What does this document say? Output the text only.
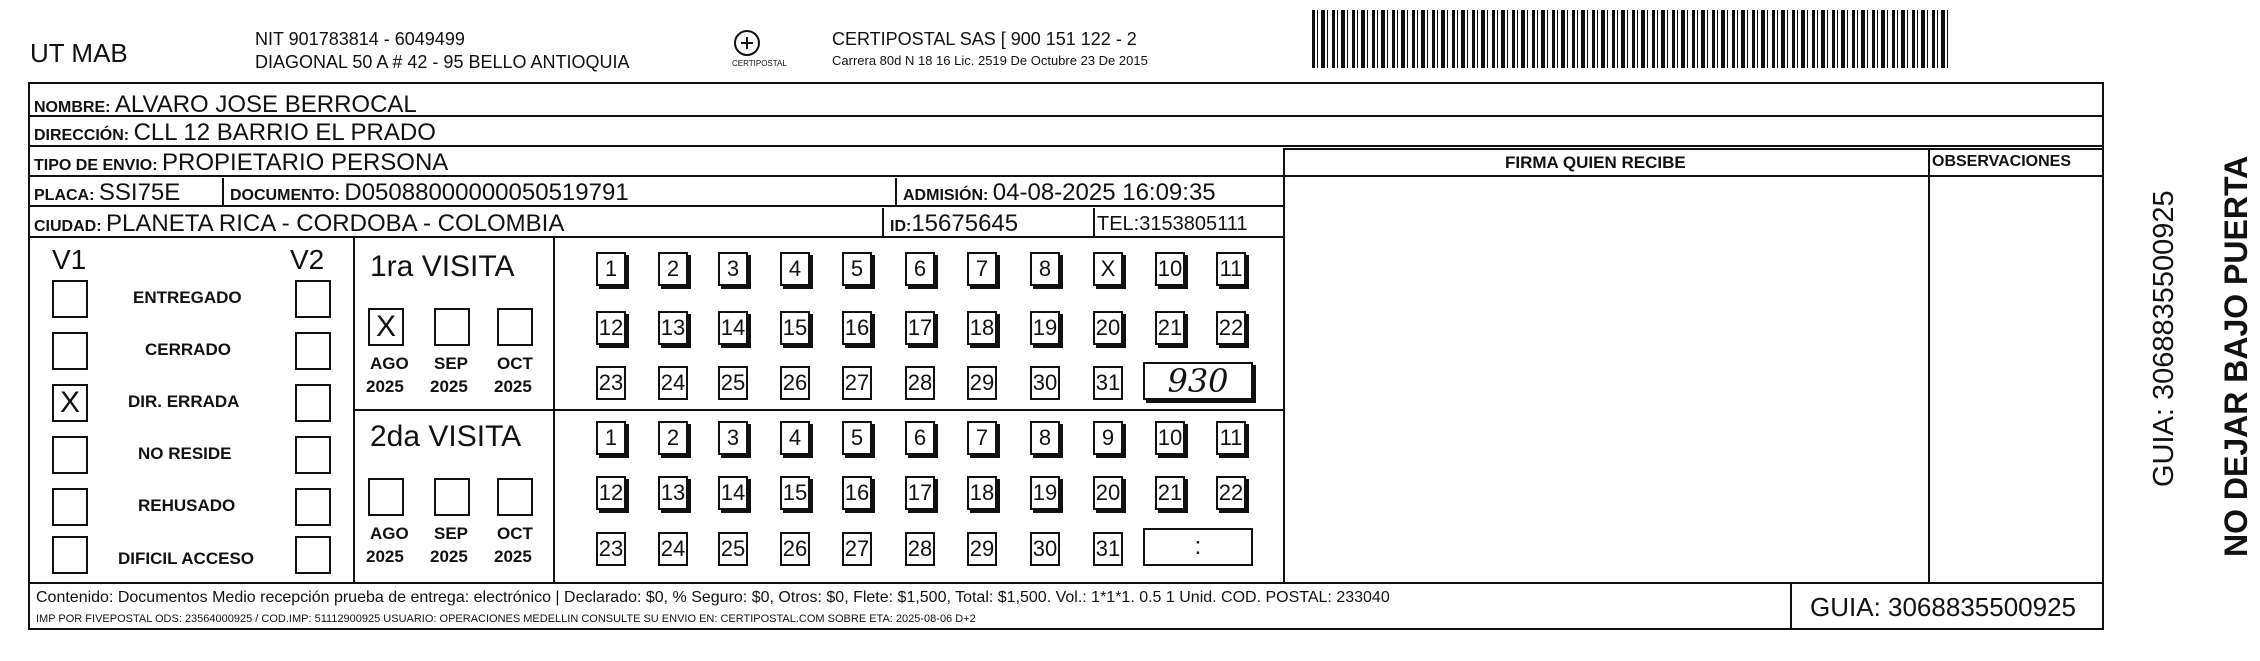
UT MAB	NIT 901783814 - 6049499
DIAGONAL 50 A # 42 - 95 BELLO ANTIOQUIA	CERTIPOSTAL
CERTIPOSTAL SAS [ 900 151 122 - 2
Carrera 80d N 18 16 Lic. 2519 De Octubre 23 De 2015
NOMBRE: ALVARO JOSE BERROCAL
DIRECCIÓN: CLL 12 BARRIO EL PRADO
TIPO DE ENVIO: PROPIETARIO PERSONA
PLACA: SSI75E	DOCUMENTO: D05088000000050519791	ADMISIÓN: 04-08-2025 16:09:35
CIUDAD: PLANETA RICA - CORDOBA - COLOMBIA	ID:15675645	TEL:3153805111
FIRMA QUIEN RECIBE	OBSERVACIONES
V1	V2
ENTREGADO
CERRADO
X	DIR. ERRADA
NO RESIDE
REHUSADO
DIFICIL ACCESO
1ra VISITA
X
AGO SEP OCT
2025 2025 2025
1	2	3	4	5	6	7	8	X	10 11
12 13 14 15 16 17 18 19 20 21 22
23 24 25 26 27 28 29 30 31	930
2da VISITA
AGO SEP OCT
2025 2025 2025
1	2	3	4	5	6	7	8	9	10 11
12 13 14 15 16 17 18 19 20 21 22
23 24 25 26 27 28 29 30 31	:
Contenido: Documentos Medio recepción prueba de entrega: electrónico | Declarado: $0, % Seguro: $0, Otros: $0, Flete: $1,500, Total: $1,500. Vol.: 1*1*1. 0.5 1 Unid. COD. POSTAL: 233040
IMP POR FIVEPOSTAL ODS: 23564000925 / COD.IMP: 51112900925 USUARIO: OPERACIONES MEDELLIN CONSULTE SU ENVIO EN: CERTIPOSTAL.COM SOBRE ETA: 2025-08-06 D+2	GUIA: 3068835500925
NO DEJAR BAJO PUERTA
GUIA: 3068835500925
